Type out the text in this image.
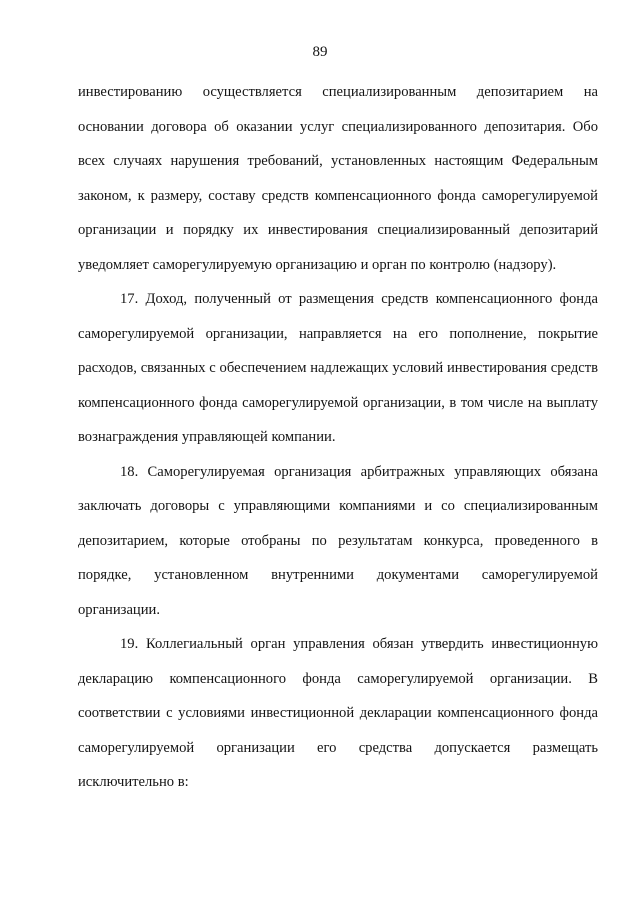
89

инвестированию осуществляется специализированным депозитарием на основании договора об оказании услуг специализированного депозитария. Обо всех случаях нарушения требований, установленных настоящим Федеральным законом, к размеру, составу средств компенсационного фонда саморегулируемой организации и порядку их инвестирования специализированный депозитарий уведомляет саморегулируемую организацию и орган по контролю (надзору).

17. Доход, полученный от размещения средств компенсационного фонда саморегулируемой организации, направляется на его пополнение, покрытие расходов, связанных с обеспечением надлежащих условий инвестирования средств компенсационного фонда саморегулируемой организации, в том числе на выплату вознаграждения управляющей компании.

18. Саморегулируемая организация арбитражных управляющих обязана заключать договоры с управляющими компаниями и со специализированным депозитарием, которые отобраны по результатам конкурса, проведенного в порядке, установленном внутренними документами саморегулируемой организации.

19. Коллегиальный орган управления обязан утвердить инвестиционную декларацию компенсационного фонда саморегулируемой организации. В соответствии с условиями инвестиционной декларации компенсационного фонда саморегулируемой организации его средства допускается размещать исключительно в:
